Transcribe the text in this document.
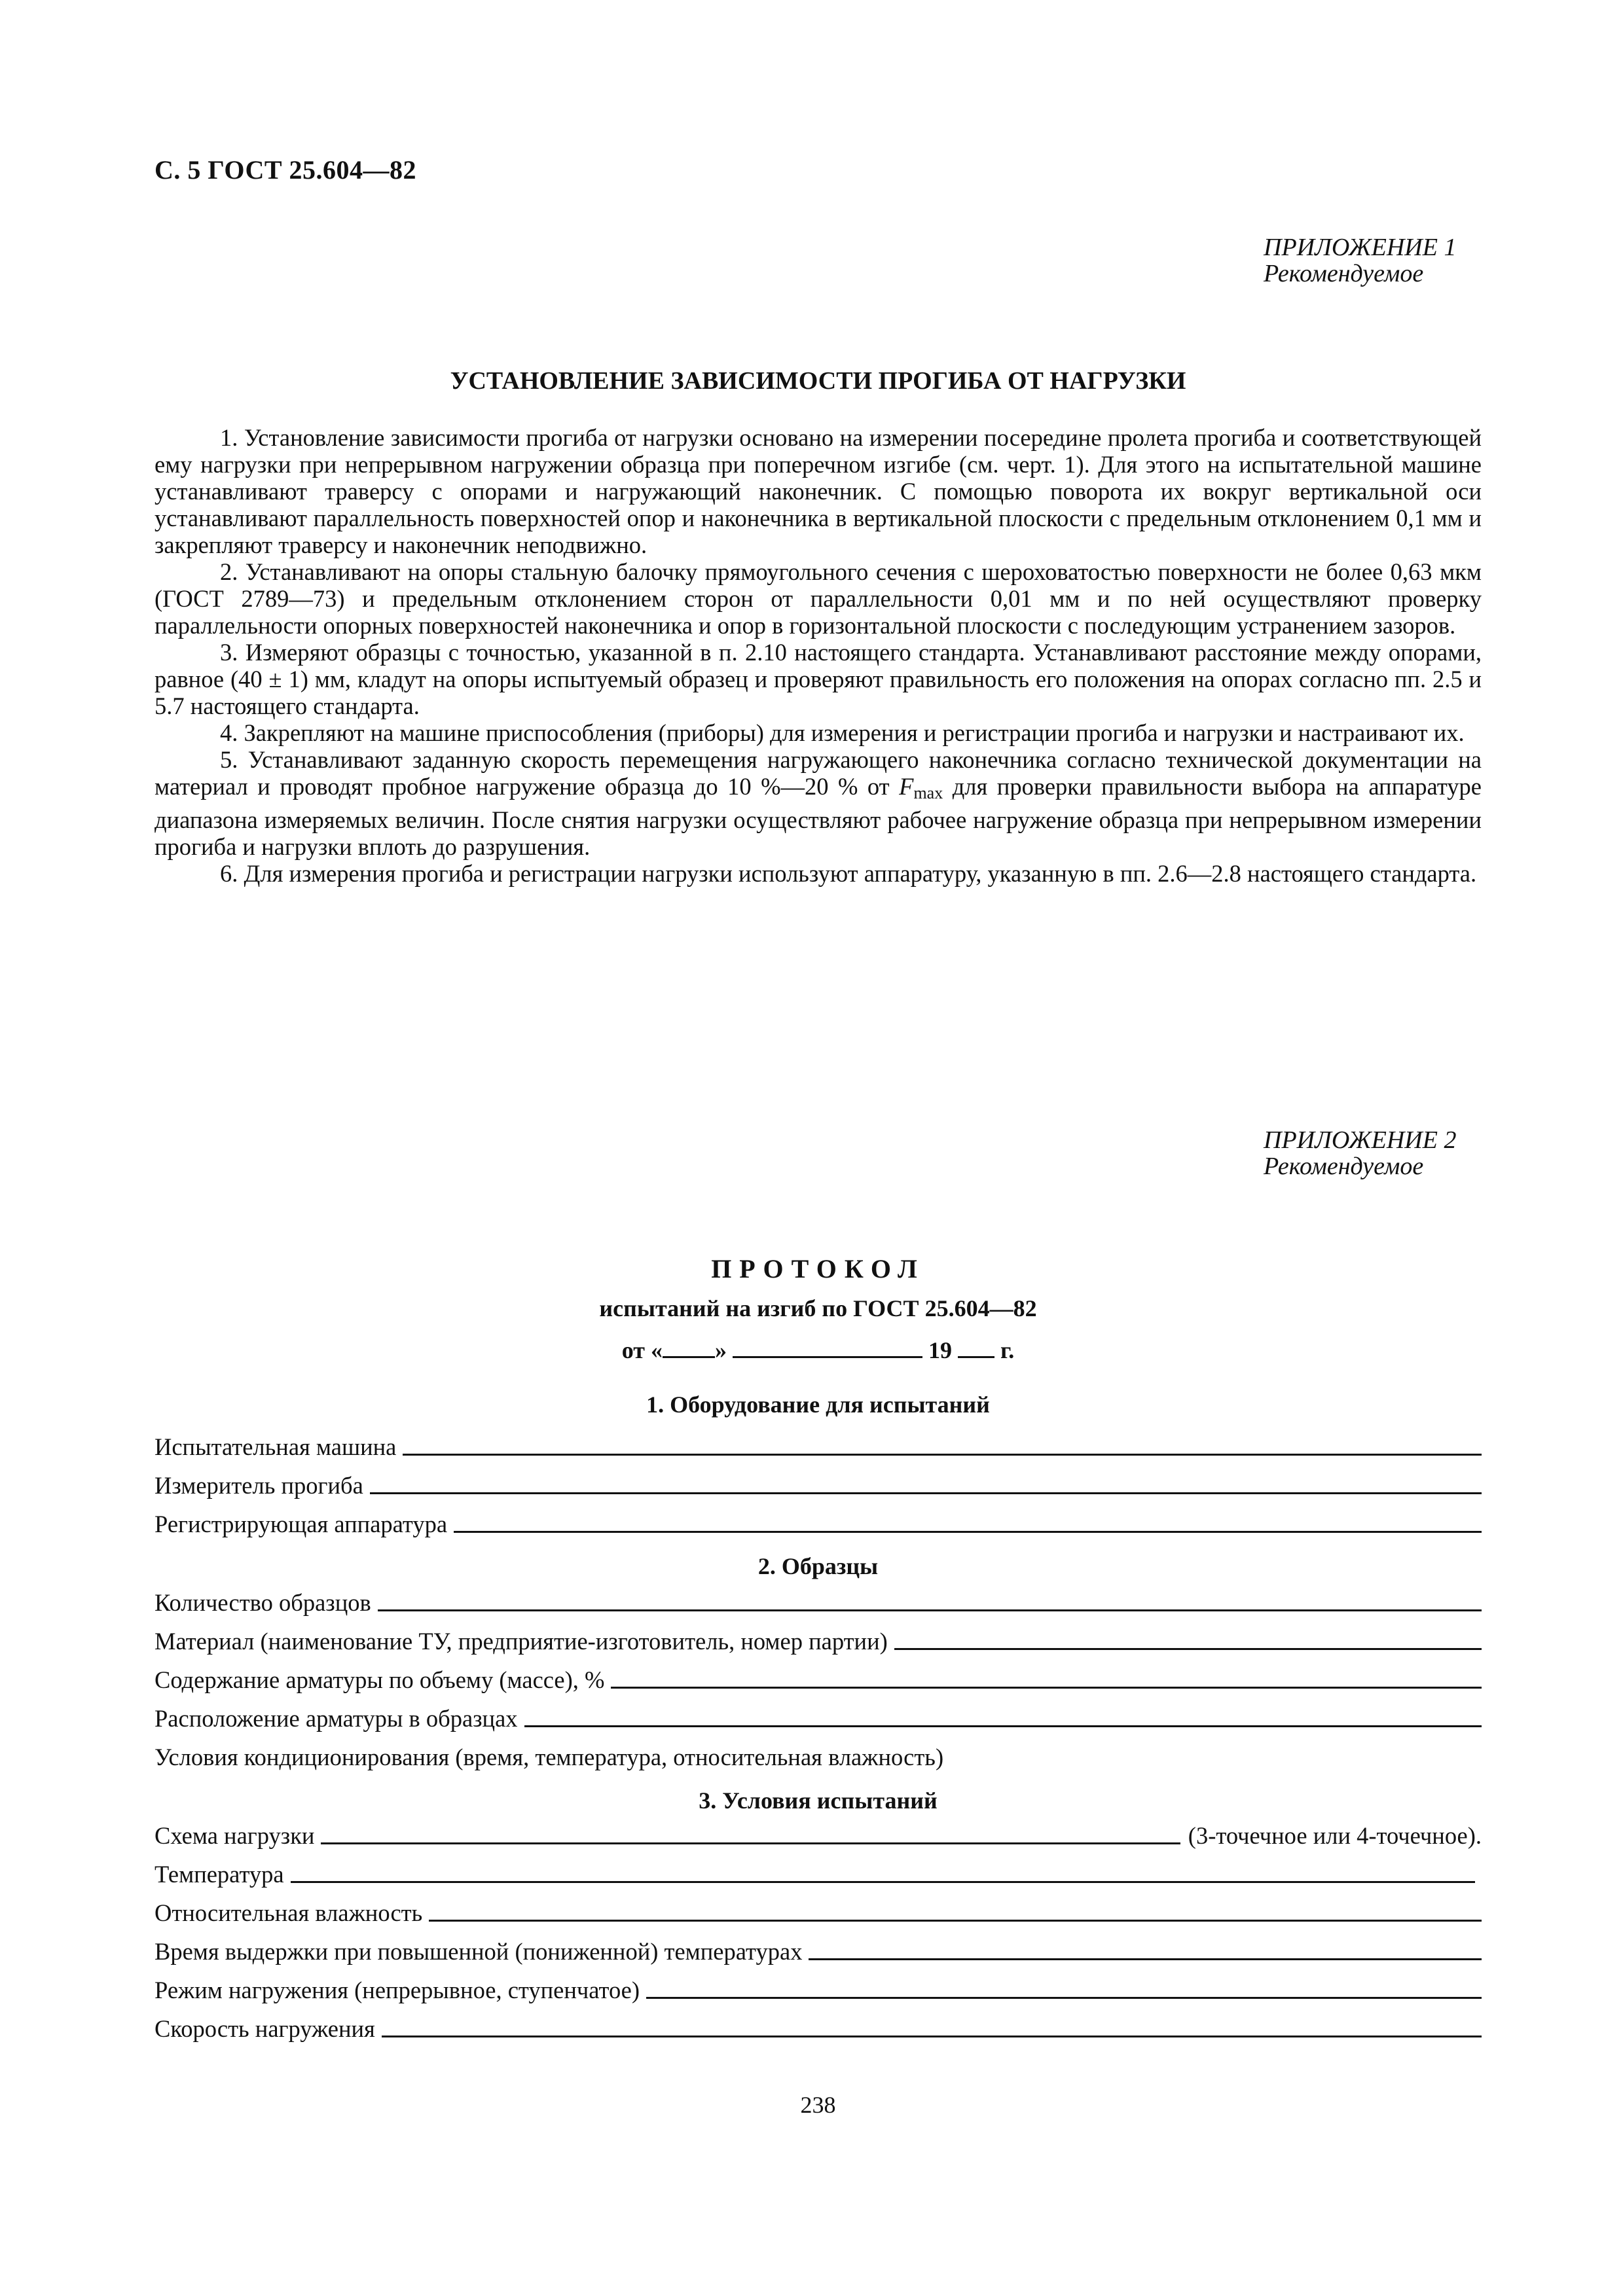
С. 5 ГОСТ 25.604—82
ПРИЛОЖЕНИЕ 1
Рекомендуемое
УСТАНОВЛЕНИЕ ЗАВИСИМОСТИ ПРОГИБА ОТ НАГРУЗКИ

1. Установление зависимости прогиба от нагрузки основано на измерении посередине пролета прогиба и соответствующей ему нагрузки при непрерывном нагружении образца при поперечном изгибе (см. черт. 1). Для этого на испытательной машине устанавливают траверсу с опорами и нагружающий наконечник. С помощью поворота их вокруг вертикальной оси устанавливают параллельность поверхностей опор и наконечника в вертикальной плоскости с предельным отклонением 0,1 мм и закрепляют траверсу и наконечник неподвижно.

2. Устанавливают на опоры стальную балочку прямоугольного сечения с шероховатостью поверхности не более 0,63 мкм (ГОСТ 2789—73) и предельным отклонением сторон от параллельности 0,01 мм и по ней осуществляют проверку параллельности опорных поверхностей наконечника и опор в горизонтальной плоскости с последующим устранением зазоров.

3. Измеряют образцы с точностью, указанной в п. 2.10 настоящего стандарта. Устанавливают расстояние между опорами, равное (40 ± 1) мм, кладут на опоры испытуемый образец и проверяют правильность его положения на опорах согласно пп. 2.5 и 5.7 настоящего стандарта.

4. Закрепляют на машине приспособления (приборы) для измерения и регистрации прогиба и нагрузки и настраивают их.

5. Устанавливают заданную скорость перемещения нагружающего наконечника согласно технической документации на материал и проводят пробное нагружение образца до 10 %—20 % от $F_{max}$ для проверки правильности выбора на аппаратуре диапазона измеряемых величин. После снятия нагрузки осуществляют рабочее нагружение образца при непрерывном измерении прогиба и нагрузки вплоть до разрушения.

6. Для измерения прогиба и регистрации нагрузки используют аппаратуру, указанную в пп. 2.6—2.8 настоящего стандарта.

ПРИЛОЖЕНИЕ 2
Рекомендуемое
ПРОТОКОЛ
испытаний на изгиб по ГОСТ 25.604—82
от « »	19 г.
1. Оборудование для испытаний
Испытательная машина
Измеритель прогиба
Регистрирующая аппаратура
2. Образцы
Количество образцов
Материал (наименование ТУ, предприятие-изготовитель, номер партии)
Содержание арматуры по объему (массе), %
Расположение арматуры в образцах
Условия кондиционирования (время, температура, относительная влажность)
3. Условия испытаний
Схема нагрузки	(3-точечное или 4-точечное).
Температура
Относительная влажность
Время выдержки при повышенной (пониженной) температурах
Режим нагружения (непрерывное, ступенчатое)
Скорость нагружения
238
